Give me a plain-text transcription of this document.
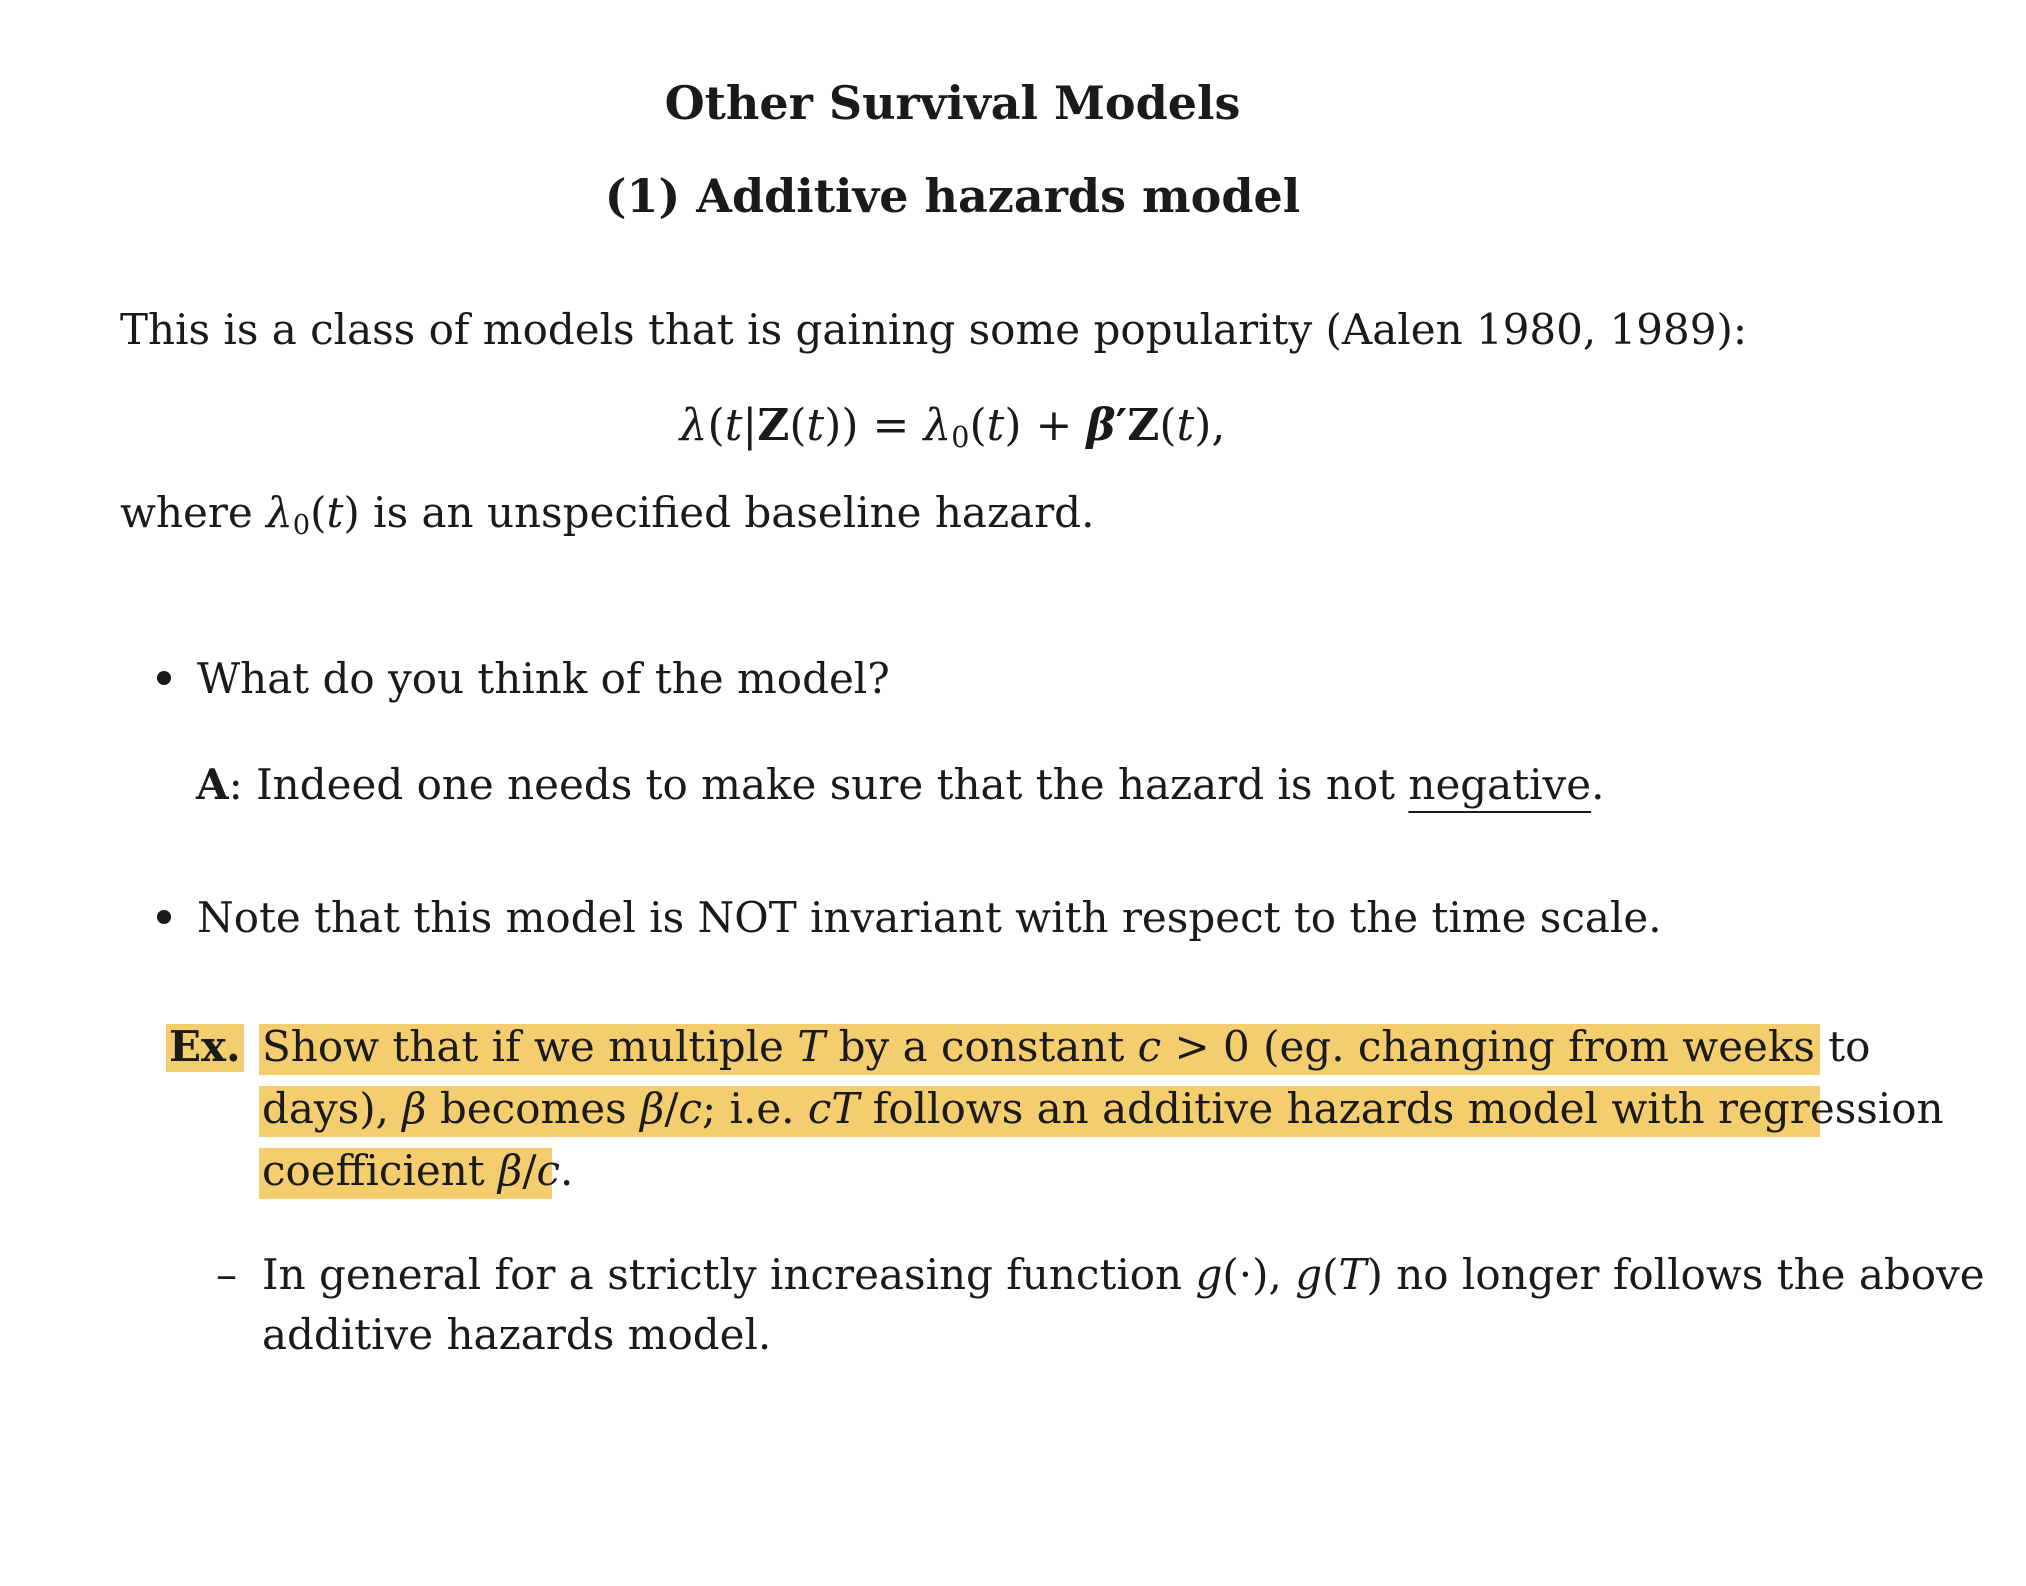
Other Survival Models
(1) Additive hazards model

This is a class of models that is gaining some popularity (Aalen 1980, 1989):

$\lambda(t|Z(t)) = \lambda_0(t) + \beta'Z(t)$,

where $\lambda_0(t)$ is an unspecified baseline hazard.

What do you think of the model?
A: Indeed one needs to make sure that the hazard is not negative.
Note that this model is NOT invariant with respect to the time scale.
Ex. Show that if we multiple T by a constant c > 0 (eg. changing from weeks to
days), β becomes β/c; i.e. cT follows an additive hazards model with regression
coefficient β/c.
– In general for a strictly increasing function g(·), g(T) no longer follows the above
additive hazards model.
